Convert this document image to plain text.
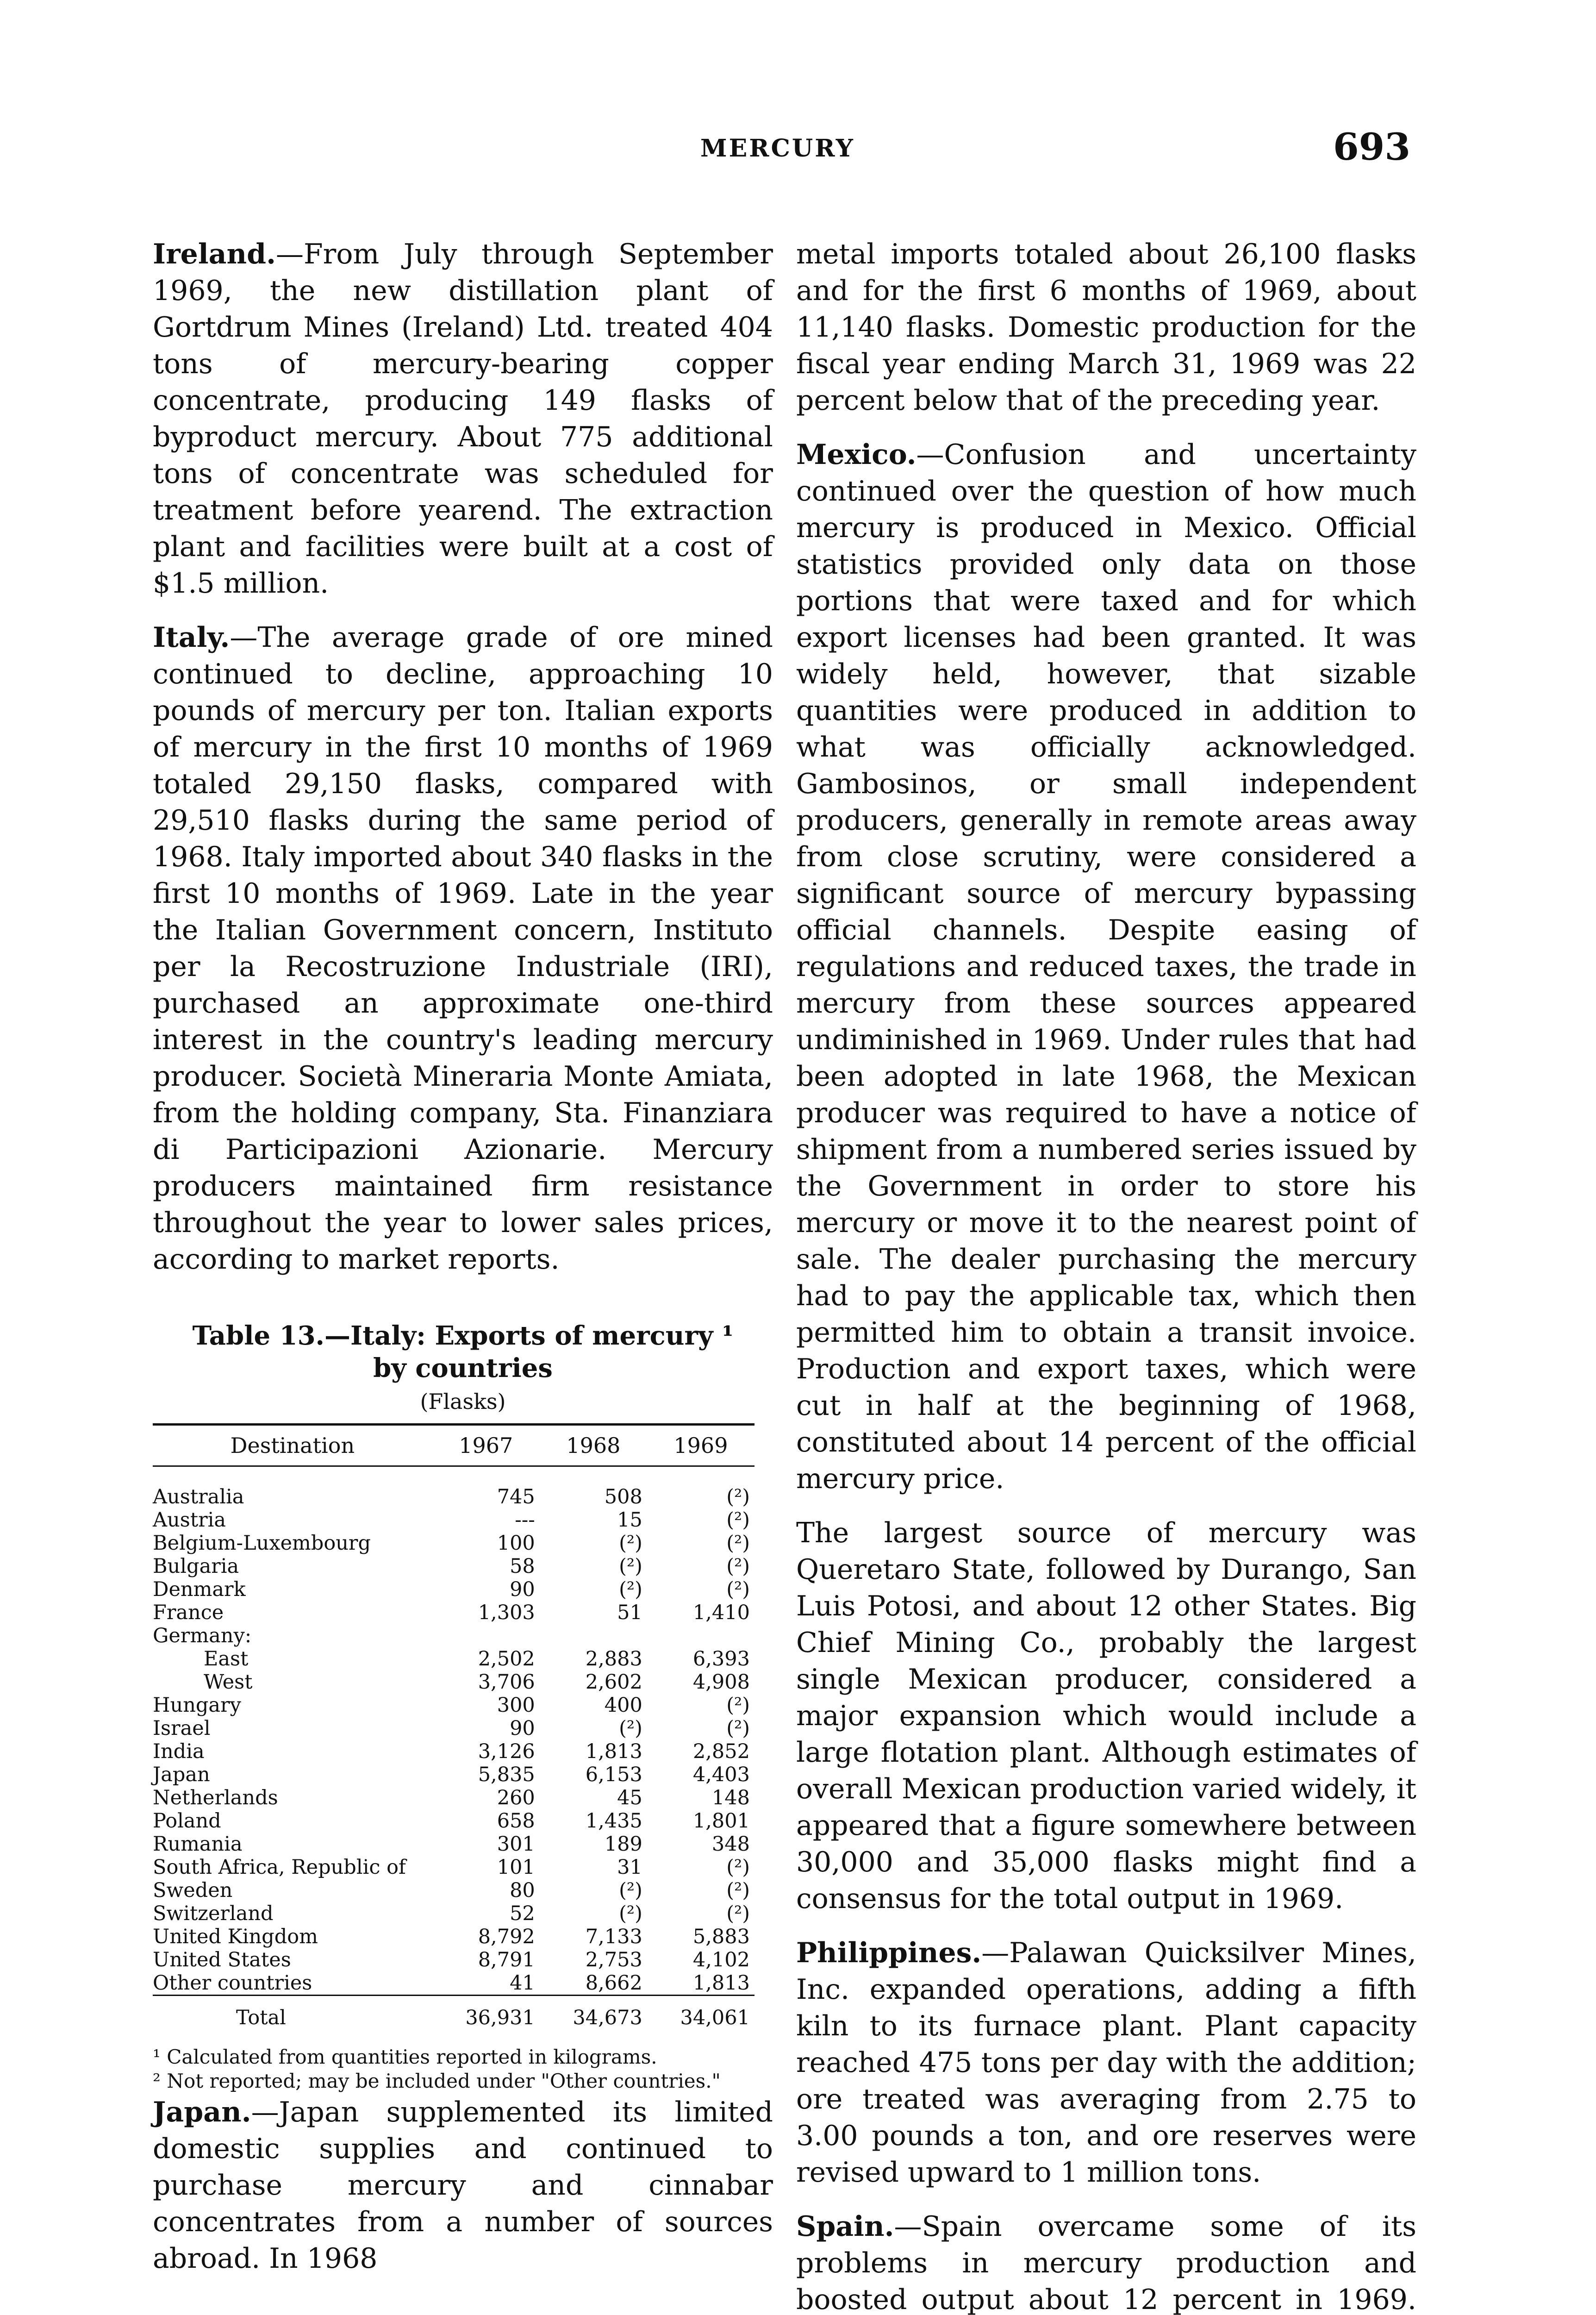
MERCURY	693

Ireland.—From July through September 1969, the new distillation plant of Gortdrum Mines (Ireland) Ltd. treated 404 tons of mercury-bearing copper concentrate, producing 149 flasks of byproduct mercury. About 775 additional tons of concentrate was scheduled for treatment before yearend. The extraction plant and facilities were built at a cost of $1.5 million.

Italy.—The average grade of ore mined continued to decline, approaching 10 pounds of mercury per ton. Italian exports of mercury in the first 10 months of 1969 totaled 29,150 flasks, compared with 29,510 flasks during the same period of 1968. Italy imported about 340 flasks in the first 10 months of 1969. Late in the year the Italian Government concern, Instituto per la Recostruzione Industriale (IRI), purchased an approximate one-third interest in the country's leading mercury producer. Società Mineraria Monte Amiata, from the holding company, Sta. Finanziara di Participazioni Azionarie. Mercury producers maintained firm resistance throughout the year to lower sales prices, according to market reports.

Table 13.—Italy: Exports of mercury ¹
by countries
(Flasks)
Destination	1967	1968	1969
Australia	745	508	(²)
Austria	---	15	(²)
Belgium-Luxembourg	100	(²)	(²)
Bulgaria	58	(²)	(²)
Denmark	90	(²)	(²)
France	1,303	51	1,410
Germany:			
East	2,502	2,883	6,393
West	3,706	2,602	4,908
Hungary	300	400	(²)
Israel	90	(²)	(²)
India	3,126	1,813	2,852
Japan	5,835	6,153	4,403
Netherlands	260	45	148
Poland	658	1,435	1,801
Rumania	301	189	348
South Africa, Republic of	101	31	(²)
Sweden	80	(²)	(²)
Switzerland	52	(²)	(²)
United Kingdom	8,792	7,133	5,883
United States	8,791	2,753	4,102
Other countries	41	8,662	1,813
Total	36,931	34,673	34,061
¹ Calculated from quantities reported in kilograms.
² Not reported; may be included under "Other countries."

Japan.—Japan supplemented its limited domestic supplies and continued to purchase mercury and cinnabar concentrates from a number of sources abroad. In 1968

metal imports totaled about 26,100 flasks and for the first 6 months of 1969, about 11,140 flasks. Domestic production for the fiscal year ending March 31, 1969 was 22 percent below that of the preceding year.

Mexico.—Confusion and uncertainty continued over the question of how much mercury is produced in Mexico. Official statistics provided only data on those portions that were taxed and for which export licenses had been granted. It was widely held, however, that sizable quantities were produced in addition to what was officially acknowledged. Gambosinos, or small independent producers, generally in remote areas away from close scrutiny, were considered a significant source of mercury bypassing official channels. Despite easing of regulations and reduced taxes, the trade in mercury from these sources appeared undiminished in 1969. Under rules that had been adopted in late 1968, the Mexican producer was required to have a notice of shipment from a numbered series issued by the Government in order to store his mercury or move it to the nearest point of sale. The dealer purchasing the mercury had to pay the applicable tax, which then permitted him to obtain a transit invoice. Production and export taxes, which were cut in half at the beginning of 1968, constituted about 14 percent of the official mercury price.

The largest source of mercury was Queretaro State, followed by Durango, San Luis Potosi, and about 12 other States. Big Chief Mining Co., probably the largest single Mexican producer, considered a major expansion which would include a large flotation plant. Although estimates of overall Mexican production varied widely, it appeared that a figure somewhere between 30,000 and 35,000 flasks might find a consensus for the total output in 1969.

Philippines.—Palawan Quicksilver Mines, Inc. expanded operations, adding a fifth kiln to its furnace plant. Plant capacity reached 475 tons per day with the addition; ore treated was averaging from 2.75 to 3.00 pounds a ton, and ore reserves were revised upward to 1 million tons.

Spain.—Spain overcame some of its problems in mercury production and boosted output about 12 percent in 1969.
